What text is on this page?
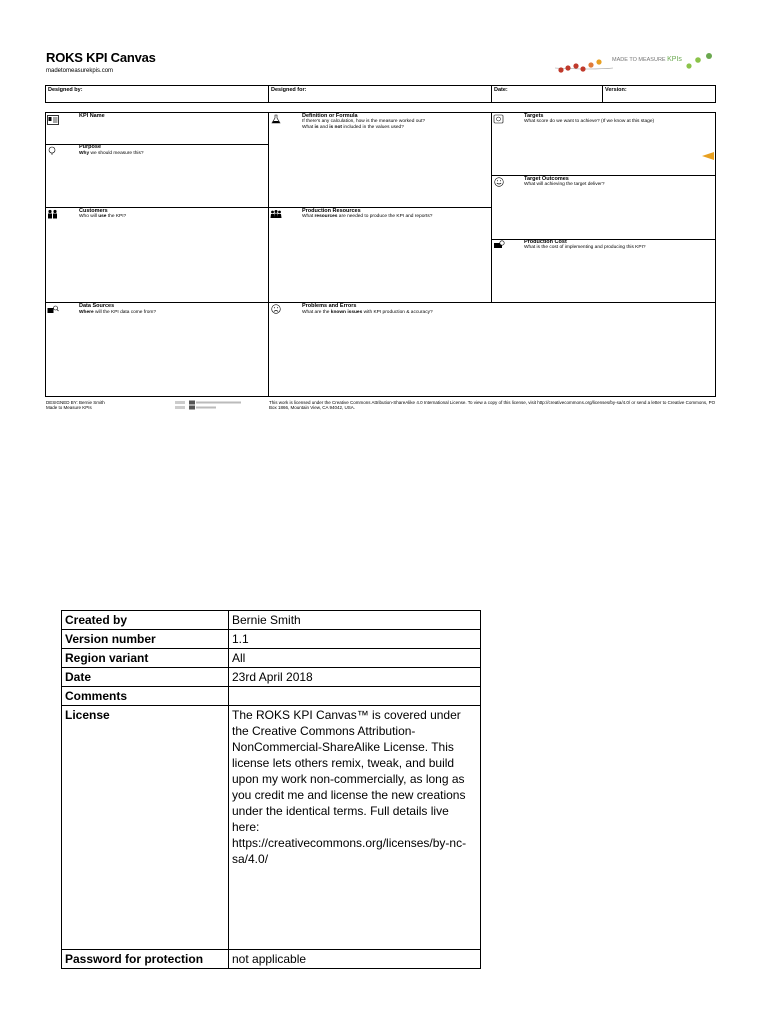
ROKS KPI Canvas
madetomeasurekpis.com
MADE TO MEASURE KPIs
Designed by:	Designed for:	Date:	Version:
KPI Name
Purpose
Why we should measure this?
Definition or Formula
If there's any calculation, how is the measure worked out?
What is and is not included in the values used?
Targets
What score do we want to achieve? (If we know at this stage)
Target Outcomes
What will achieving the target deliver?
Customers
Who will use the KPI?
Production Resources
What resources are needed to produce the KPI and reports?
Production Cost
What is the cost of implementing and producing this KPI?
Data Sources
Where will the KPI data come from?
Problems and Errors
What are the known issues with KPI production & accuracy?
DESIGNED BY: Bernie Smith
Made to Measure KPIs
This work is licensed under the Creative Commons Attribution-ShareAlike 4.0 International License. To view a copy of this license, visit http://creativecommons.org/licenses/by-sa/4.0/ or send a letter to Creative Commons, PO Box 1866, Mountain View, CA 94042, USA.
Created by	Bernie Smith
Version number	1.1
Region variant	All
Date	23rd April 2018
Comments	
License	The ROKS KPI Canvas™ is covered under the Creative Commons Attribution-NonCommercial-ShareAlike License. This license lets others remix, tweak, and build upon my work non-commercially, as long as you credit me and license the new creations under the identical terms. Full details live here: https://creativecommons.org/licenses/by-nc-sa/4.0/
Password for protection	not applicable
